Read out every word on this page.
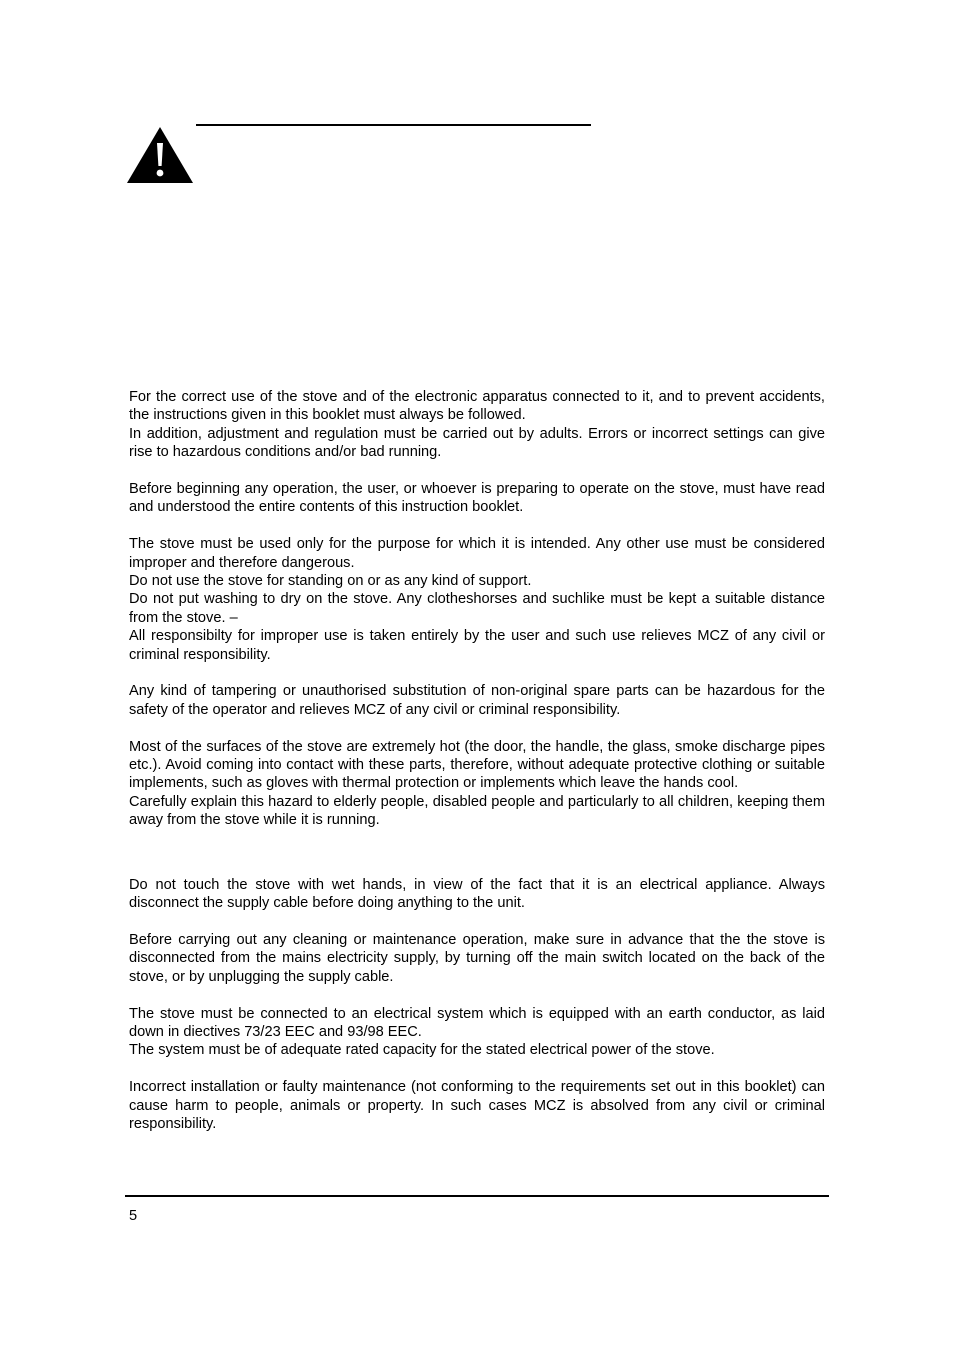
For the correct use of the stove and of the electronic apparatus connected to it, and to prevent accidents, the instructions given in this booklet must always be followed.

In addition, adjustment and regulation must be carried out by adults. Errors or incorrect settings can give rise to hazardous conditions and/or bad running.

Before beginning any operation, the user, or whoever is preparing to operate on the stove, must have read and understood the entire contents of this instruction booklet.

The stove must be used only for the purpose for which it is intended. Any other use must be considered improper and therefore dangerous.

Do not use the stove for standing on or as any kind of support.

Do not put washing to dry on the stove. Any clotheshorses and suchlike must be kept a suitable distance from the stove. –

All responsibilty for improper use is taken entirely by the user and such use relieves MCZ of any civil or criminal responsibility.

Any kind of tampering or unauthorised substitution of non-original spare parts can be hazardous for the safety of the operator and relieves MCZ of any civil or criminal responsibility.

Most of the surfaces of the stove are extremely hot (the door, the handle, the glass, smoke discharge pipes etc.). Avoid coming into contact with these parts, therefore, without adequate protective clothing or suitable implements, such as gloves with thermal protection or implements which leave the hands cool.

Carefully explain this hazard to elderly people, disabled people and particularly to all children, keeping them away from the stove while it is running.

Do not touch the stove with wet hands, in view of the fact that it is an electrical appliance. Always disconnect the supply cable before doing anything to the unit.

Before carrying out any cleaning or maintenance operation, make sure in advance that the the stove is disconnected from the mains electricity supply, by turning off the main switch located on the back of the stove, or by unplugging the supply cable.

The stove must be connected to an electrical system which is equipped with an earth conductor, as laid down in diectives 73/23 EEC and 93/98 EEC.

The system must be of adequate rated capacity for the stated electrical power of the stove.

Incorrect installation or faulty maintenance (not conforming to the requirements set out in this booklet) can cause harm to people, animals or property. In such cases MCZ is absolved from any civil or criminal responsibility.

5
